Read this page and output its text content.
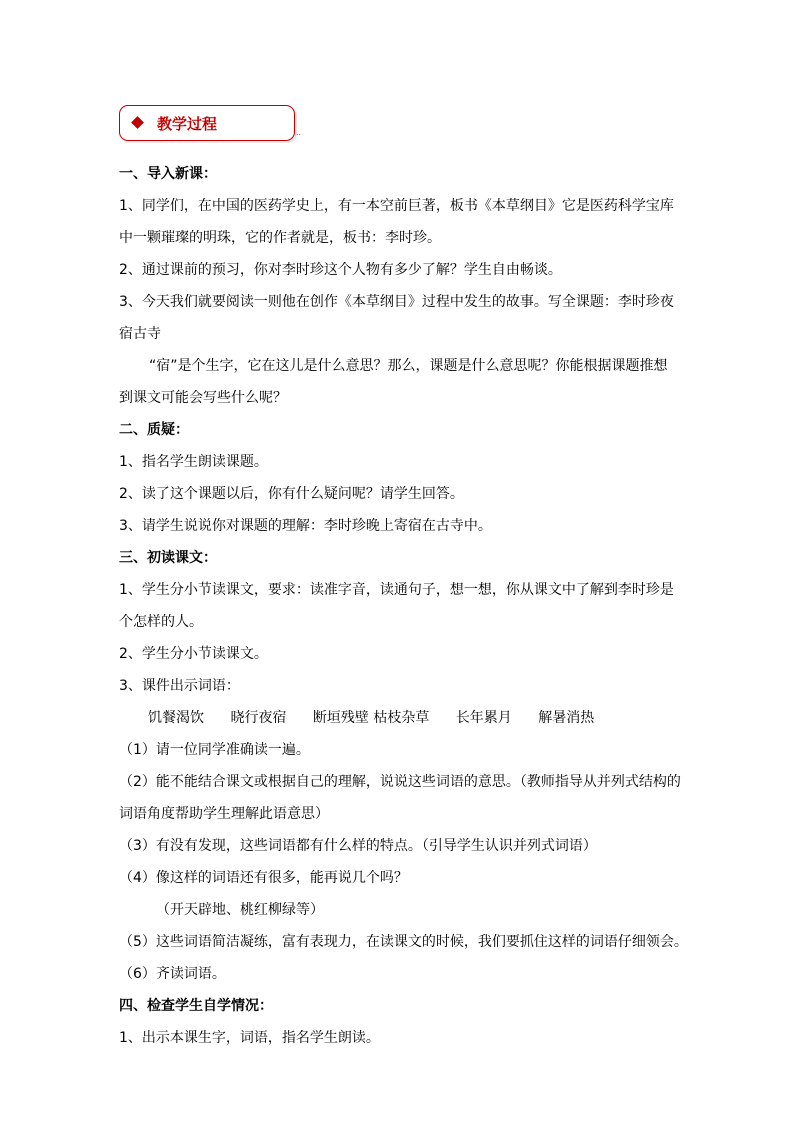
教学过程	..
一、导入新课：
1、同学们，在中国的医药学史上，有一本空前巨著，板书《本草纲目》它是医药科学宝库
中一颗璀璨的明珠，它的作者就是，板书：李时珍。
2、通过课前的预习，你对李时珍这个人物有多少了解？学生自由畅谈。
3、今天我们就要阅读一则他在创作《本草纲目》过程中发生的故事。写全课题：李时珍夜
宿古寺
“宿”是个生字，它在这儿是什么意思？那么，课题是什么意思呢？你能根据课题推想
到课文可能会写些什么呢？
二、质疑：
1、指名学生朗读课题。
2、读了这个课题以后，你有什么疑问呢？请学生回答。
3、请学生说说你对课题的理解：李时珍晚上寄宿在古寺中。
三、初读课文：
1、学生分小节读课文，要求：读准字音，读通句子，想一想，你从课文中了解到李时珍是
个怎样的人。
2、学生分小节读课文。
3、课件出示词语：
饥餐渴饮 晓行夜宿 断垣残壁 枯枝杂草 长年累月 解暑消热
（1）请一位同学准确读一遍。
（2）能不能结合课文或根据自己的理解，说说这些词语的意思。（教师指导从并列式结构的
词语角度帮助学生理解此语意思）
（3）有没有发现，这些词语都有什么样的特点。（引导学生认识并列式词语）
（4）像这样的词语还有很多，能再说几个吗？
（开天辟地、桃红柳绿等）
（5）这些词语简洁凝练，富有表现力，在读课文的时候，我们要抓住这样的词语仔细领会。
（6）齐读词语。
四、检查学生自学情况：
1、出示本课生字，词语，指名学生朗读。
